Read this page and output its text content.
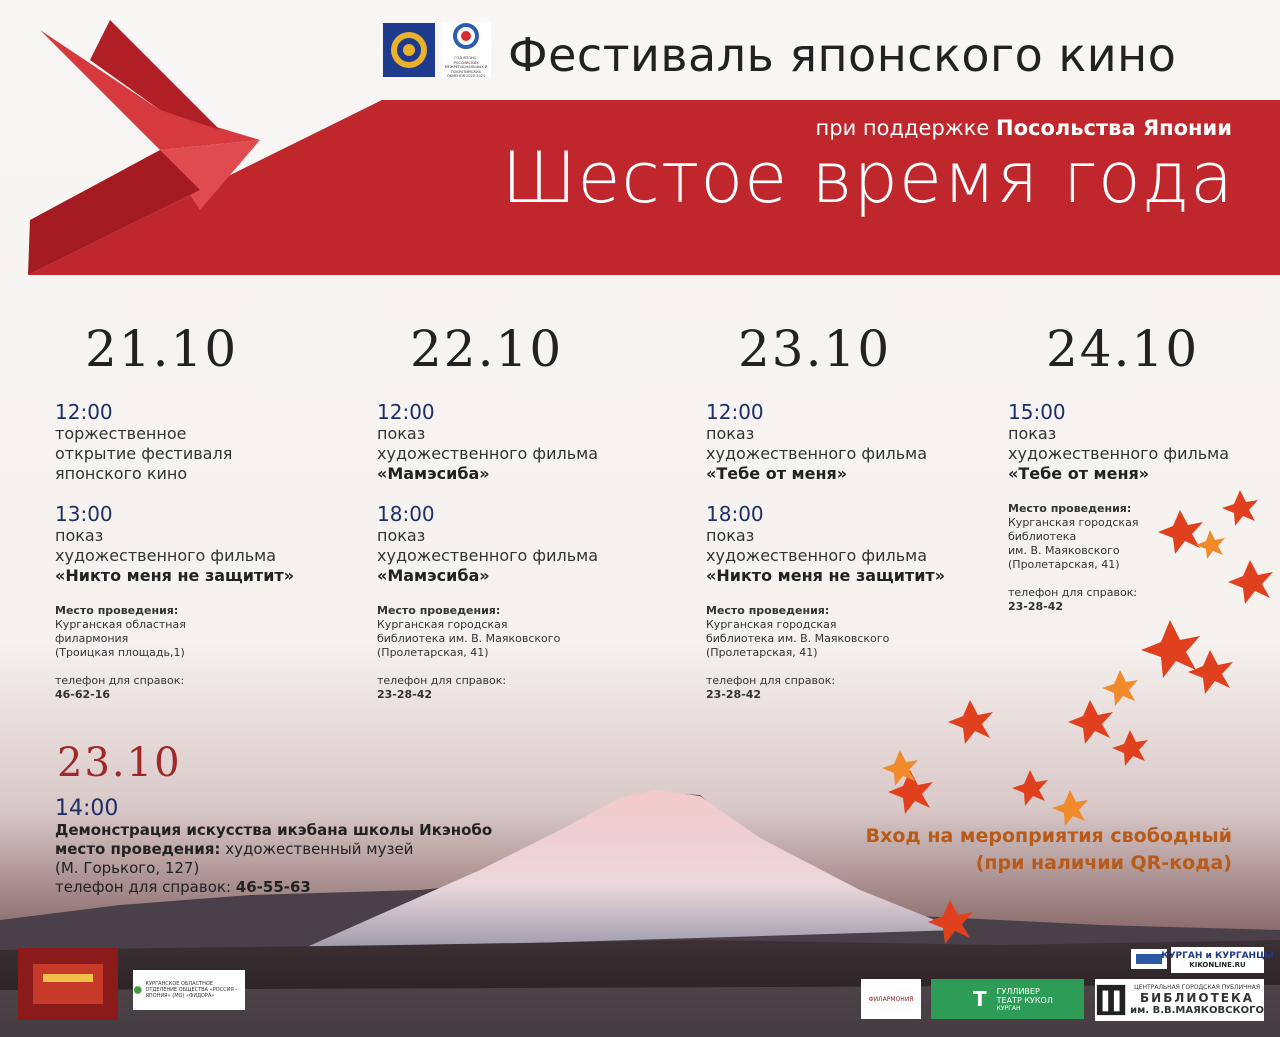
ГОД ЯПОНО-РОССИЙСКИХ МЕЖРЕГИОНАЛЬНЫХ И ПОБРАТИМСКИХ ОБМЕНОВ 2020-2021 Фестиваль японского кино
при поддержке Посольства Японии
Шестое время года
21.10
12:00
торжественное
открытие фестиваля
японского кино
13:00
показ
художественного фильма
«Никто меня не защитит»
Место проведения:
Курганская областная
филармония
(Троицкая площадь,1)
телефон для справок:
46-62-16
22.10
12:00
показ
художественного фильма
«Мамэсиба»
18:00
показ
художественного фильма
«Мамэсиба»
Место проведения:
Курганская городская
библиотека им. В. Маяковского
(Пролетарская, 41)
телефон для справок:
23-28-42
23.10
12:00
показ
художественного фильма
«Тебе от меня»
18:00
показ
художественного фильма
«Никто меня не защитит»
Место проведения:
Курганская городская
библиотека им. В. Маяковского
(Пролетарская, 41)
телефон для справок:
23-28-42
24.10
15:00
показ
художественного фильма
«Тебе от меня»
Место проведения:
Курганская городская
библиотека
им. В. Маяковского
(Пролетарская, 41)
телефон для справок:
23-28-42
23.10
14:00
Демонстрация искусства икэбана школы Икэнобо
место проведения: художественный музей
(М. Горького, 127)
телефон для справок: 46-55-63
Вход на мероприятия свободный
(при наличии QR-кода)
КУРГАНСКОЕ ОБЛАСТНОЕ ОТДЕЛЕНИЕ ОБЩЕСТВА «РОССИЯ - ЯПОНИЯ» (МО) «ФИДОРА»
КУРГАН и КУРГАНЦЫ
KIKONLINE.RU
ФИЛАРМОНИЯ	T ГУЛЛИВЕР
ТЕАТР КУКОЛ
КУРГАН
ЦЕНТРАЛЬНАЯ ГОРОДСКАЯ ПУБЛИЧНАЯ
БИБЛИОТЕКА
им. В.В.МАЯКОВСКОГО
